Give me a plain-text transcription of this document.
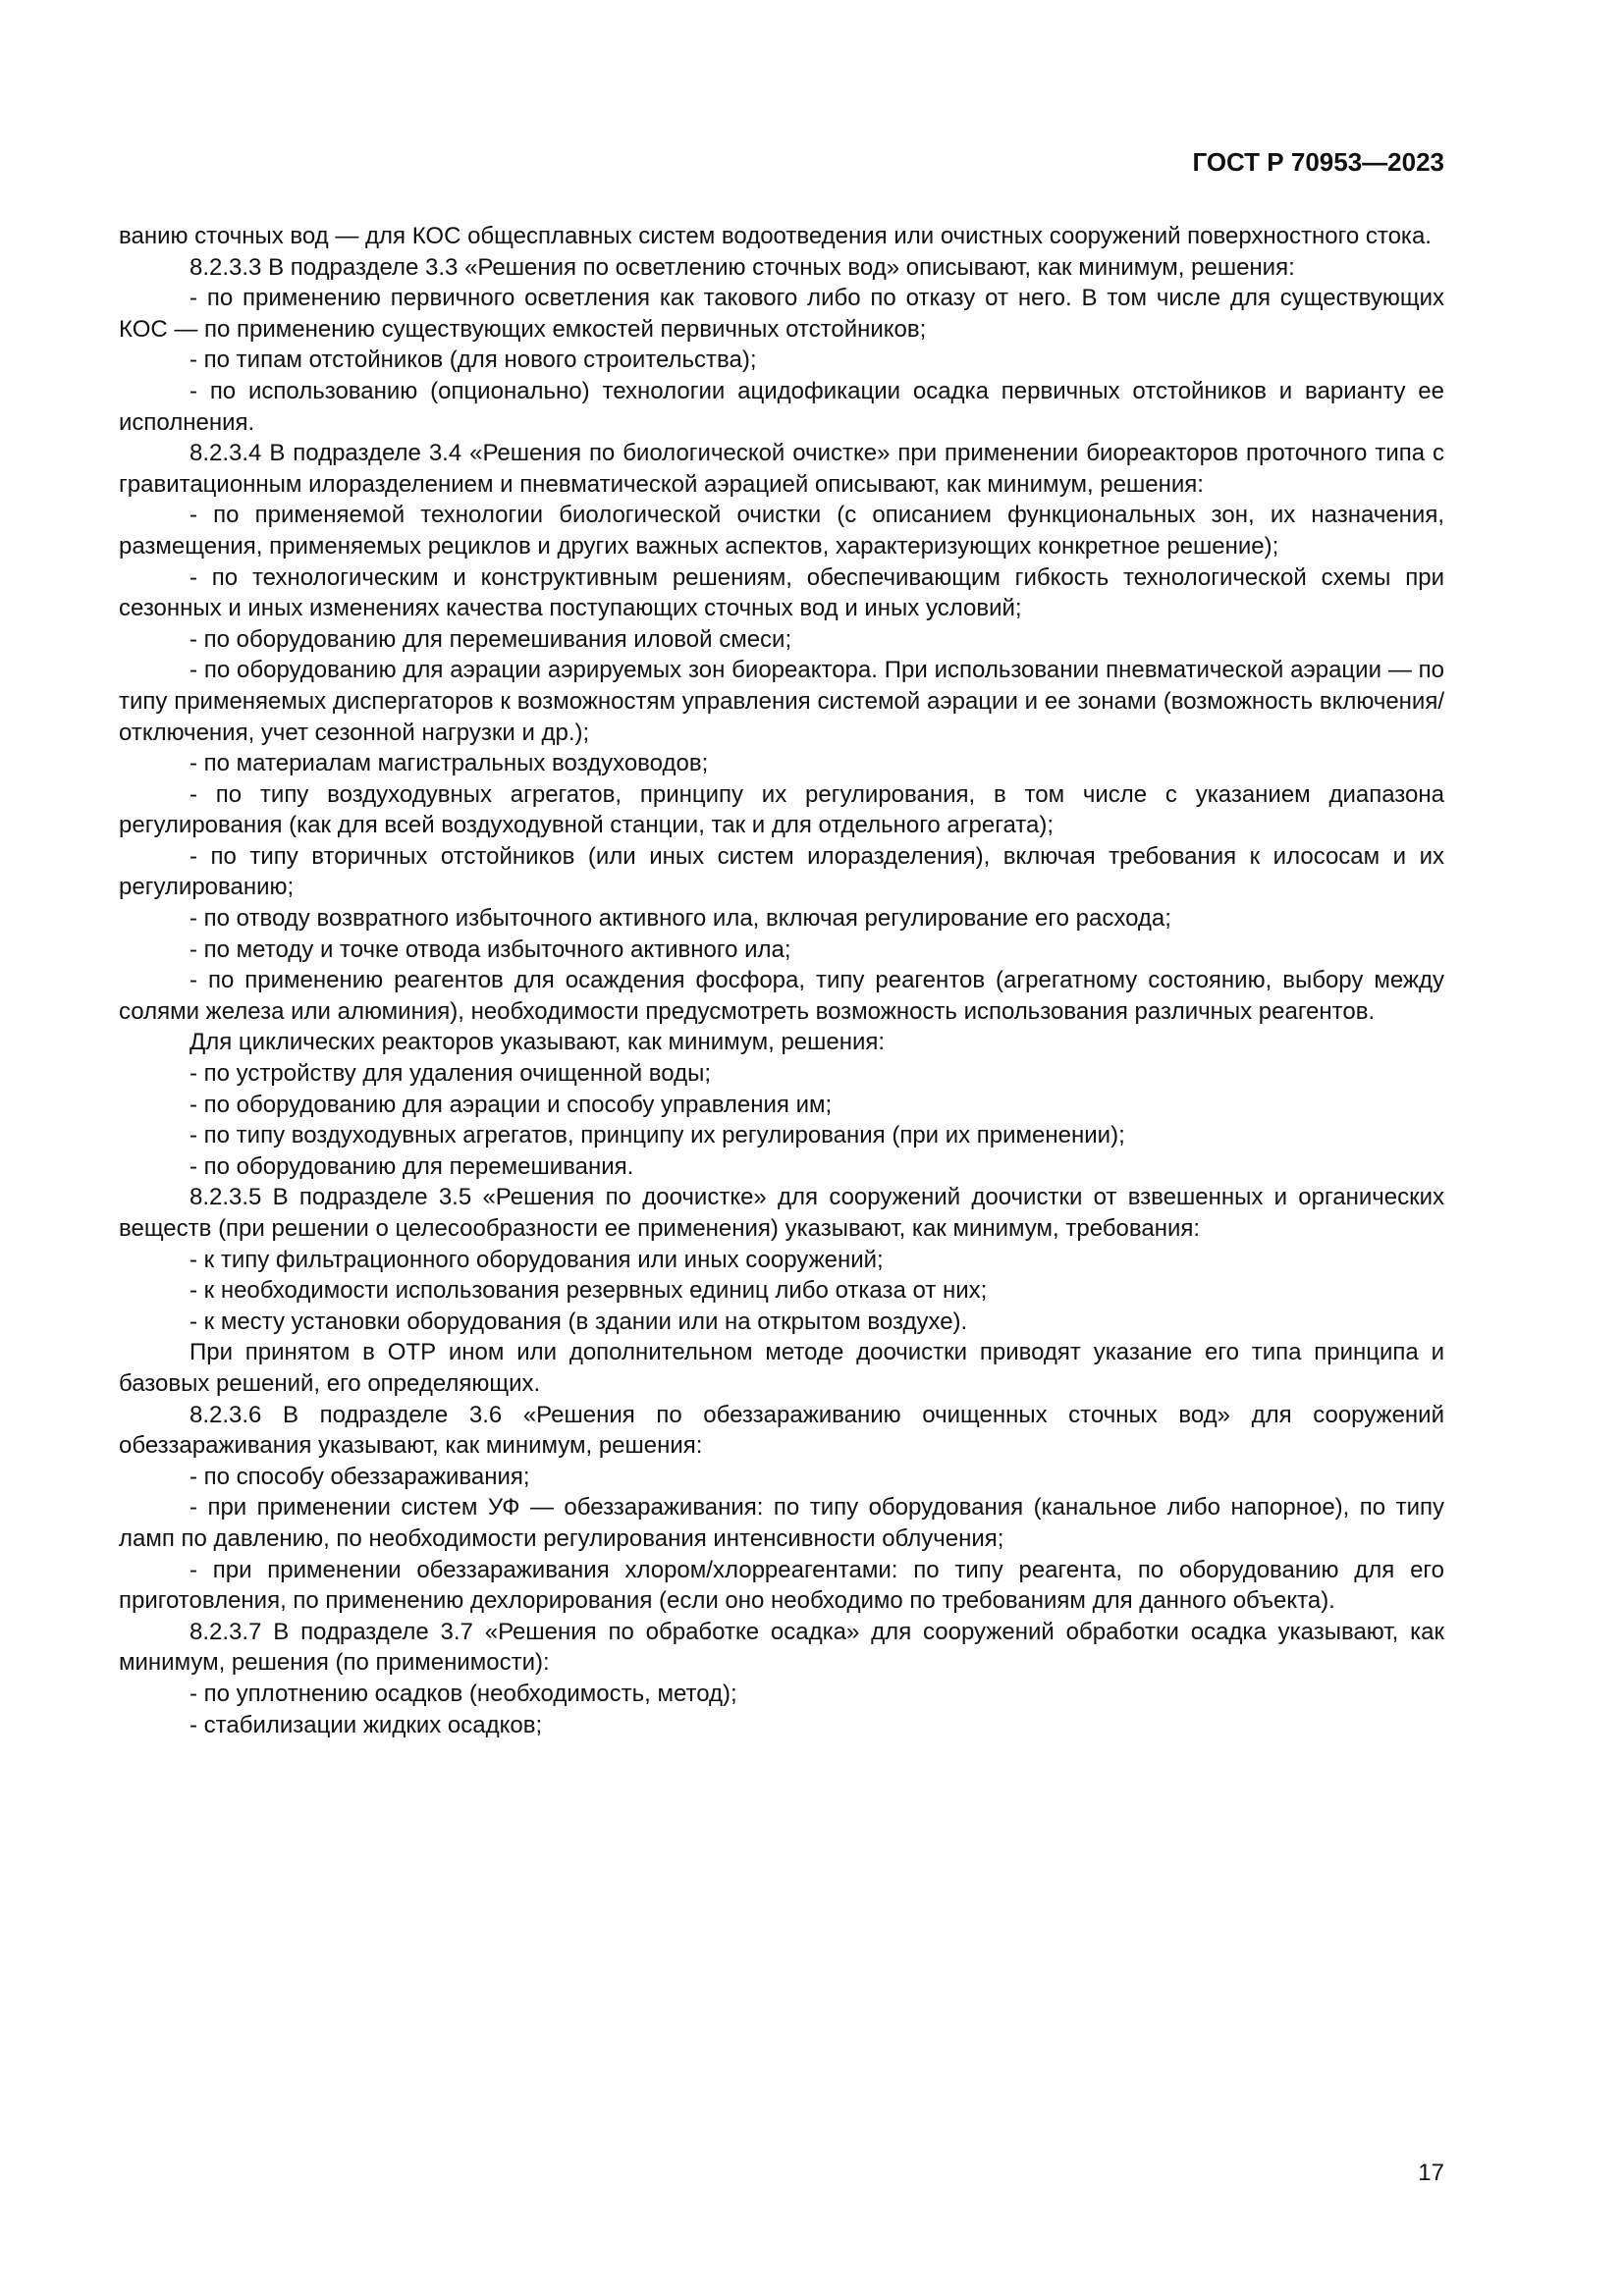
ГОСТ Р 70953—2023

ванию сточных вод — для КОС общесплавных систем водоотведения или очистных сооружений поверхностного стока.

8.2.3.3 В подразделе 3.3 «Решения по осветлению сточных вод» описывают, как минимум, решения:

- по применению первичного осветления как такового либо по отказу от него. В том числе для существующих КОС — по применению существующих емкостей первичных отстойников;

- по типам отстойников (для нового строительства);

- по использованию (опционально) технологии ацидофикации осадка первичных отстойников и варианту ее исполнения.

8.2.3.4 В подразделе 3.4 «Решения по биологической очистке» при применении биореакторов проточного типа с гравитационным илоразделением и пневматической аэрацией описывают, как минимум, решения:

- по применяемой технологии биологической очистки (с описанием функциональных зон, их назначения, размещения, применяемых рециклов и других важных аспектов, характеризующих конкретное решение);

- по технологическим и конструктивным решениям, обеспечивающим гибкость технологической схемы при сезонных и иных изменениях качества поступающих сточных вод и иных условий;

- по оборудованию для перемешивания иловой смеси;

- по оборудованию для аэрации аэрируемых зон биореактора. При использовании пневматической аэрации — по типу применяемых диспергаторов к возможностям управления системой аэрации и ее зонами (возможность включения/отключения, учет сезонной нагрузки и др.);

- по материалам магистральных воздуховодов;

- по типу воздуходувных агрегатов, принципу их регулирования, в том числе с указанием диапазона регулирования (как для всей воздуходувной станции, так и для отдельного агрегата);

- по типу вторичных отстойников (или иных систем илоразделения), включая требования к илососам и их регулированию;

- по отводу возвратного избыточного активного ила, включая регулирование его расхода;

- по методу и точке отвода избыточного активного ила;

- по применению реагентов для осаждения фосфора, типу реагентов (агрегатному состоянию, выбору между солями железа или алюминия), необходимости предусмотреть возможность использования различных реагентов.

Для циклических реакторов указывают, как минимум, решения:

- по устройству для удаления очищенной воды;

- по оборудованию для аэрации и способу управления им;

- по типу воздуходувных агрегатов, принципу их регулирования (при их применении);

- по оборудованию для перемешивания.

8.2.3.5 В подразделе 3.5 «Решения по доочистке» для сооружений доочистки от взвешенных и органических веществ (при решении о целесообразности ее применения) указывают, как минимум, требования:

- к типу фильтрационного оборудования или иных сооружений;

- к необходимости использования резервных единиц либо отказа от них;

- к месту установки оборудования (в здании или на открытом воздухе).

При принятом в ОТР ином или дополнительном методе доочистки приводят указание его типа принципа и базовых решений, его определяющих.

8.2.3.6 В подразделе 3.6 «Решения по обеззараживанию очищенных сточных вод» для сооружений обеззараживания указывают, как минимум, решения:

- по способу обеззараживания;

- при применении систем УФ — обеззараживания: по типу оборудования (канальное либо напорное), по типу ламп по давлению, по необходимости регулирования интенсивности облучения;

- при применении обеззараживания хлором/хлорреагентами: по типу реагента, по оборудованию для его приготовления, по применению дехлорирования (если оно необходимо по требованиям для данного объекта).

8.2.3.7 В подразделе 3.7 «Решения по обработке осадка» для сооружений обработки осадка указывают, как минимум, решения (по применимости):

- по уплотнению осадков (необходимость, метод);

- стабилизации жидких осадков;

17
